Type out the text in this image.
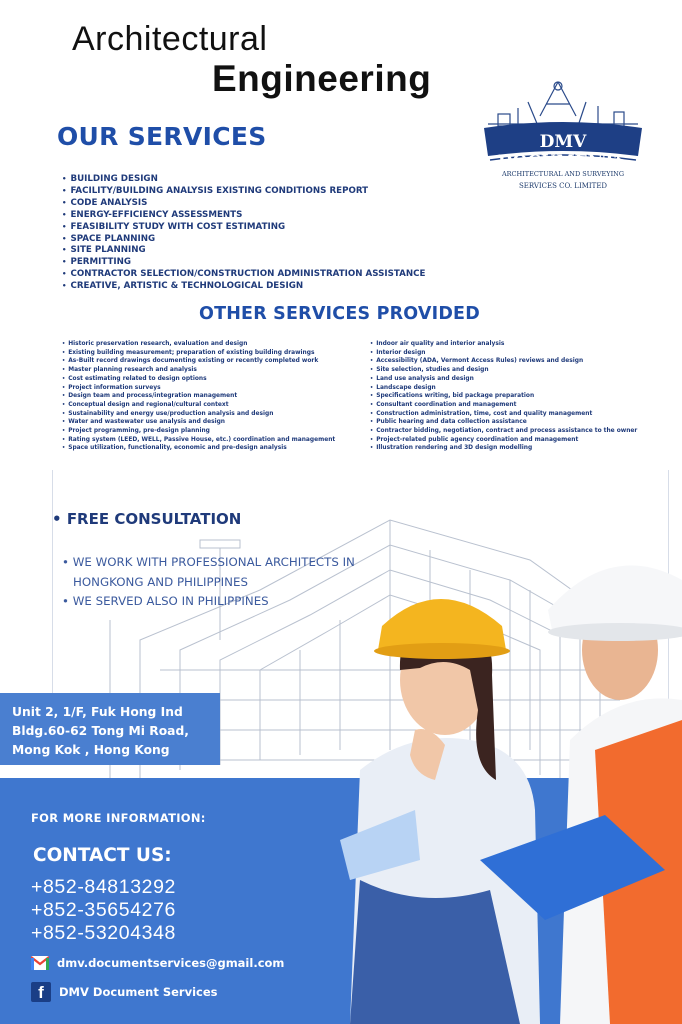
Architectural
Engineering
DMV DOCUMENTS
ARCHITECTURAL AND SURVEYING
SERVICES CO. LIMITED
OUR SERVICES
• BUILDING DESIGN
• FACILITY/BUILDING ANALYSIS EXISTING CONDITIONS REPORT
• CODE ANALYSIS
• ENERGY-EFFICIENCY ASSESSMENTS
• FEASIBILITY STUDY WITH COST ESTIMATING
• SPACE PLANNING
• SITE PLANNING
• PERMITTING
• CONTRACTOR SELECTION/CONSTRUCTION ADMINISTRATION ASSISTANCE
• CREATIVE, ARTISTIC & TECHNOLOGICAL DESIGN
OTHER SERVICES PROVIDED
• Historic preservation research, evaluation and design
• Existing building measurement; preparation of existing building drawings
• As-Built record drawings documenting existing or recently completed work
• Master planning research and analysis
• Cost estimating related to design options
• Project information surveys
• Design team and process/integration management
• Conceptual design and regional/cultural context
• Sustainability and energy use/production analysis and design
• Water and wastewater use analysis and design
• Project programming, pre-design planning
• Rating system (LEED, WELL, Passive House, etc.) coordination and management
• Space utilization, functionality, economic and pre-design analysis
• Indoor air quality and interior analysis
• Interior design
• Accessibility (ADA, Vermont Access Rules) reviews and design
• Site selection, studies and design
• Land use analysis and design
• Landscape design
• Specifications writing, bid package preparation
• Consultant coordination and management
• Construction administration, time, cost and quality management
• Public hearing and data collection assistance
• Contractor bidding, negotiation, contract and process assistance to the owner
• Project-related public agency coordination and management
• Illustration rendering and 3D design modelling
• FREE CONSULTATION
• WE WORK WITH PROFESSIONAL ARCHITECTS IN
HONGKONG AND PHILIPPINES
• WE SERVED ALSO IN PHILIPPINES
Unit 2, 1/F, Fuk Hong Ind
Bldg.60-62 Tong Mi Road,
Mong Kok , Hong Kong
FOR MORE INFORMATION:
CONTACT US:
+852-84813292
+852-35654276
+852-53204348
dmv.documentservices@gmail.com
f	DMV Document Services
